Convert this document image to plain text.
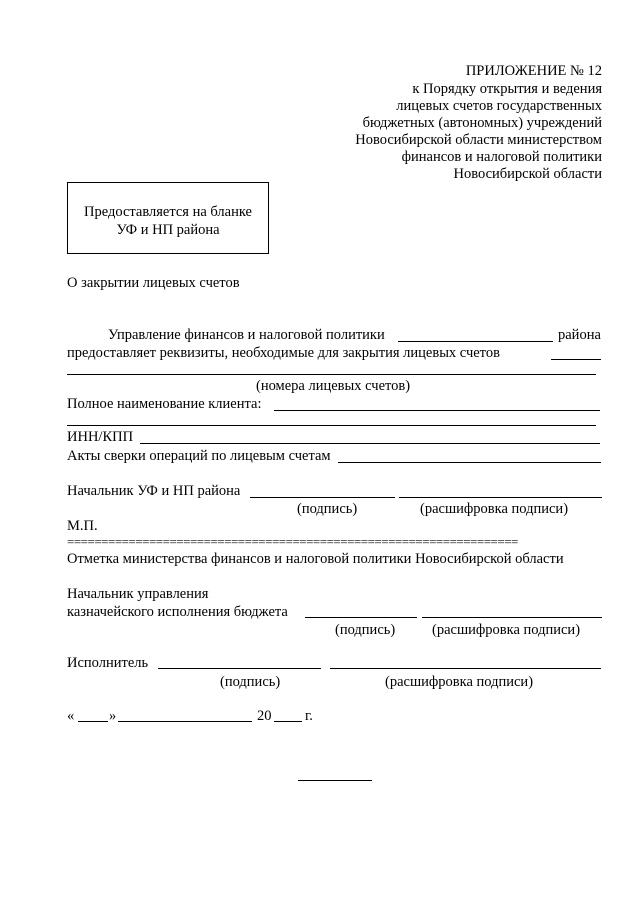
ПРИЛОЖЕНИЕ № 12
к Порядку открытия и ведения
лицевых счетов государственных
бюджетных (автономных) учреждений
Новосибирской области министерством
финансов и налоговой политики
Новосибирской области
Предоставляется на бланке
УФ и НП района
О закрытии лицевых счетов
Управление финансов и налоговой политики	района
предоставляет реквизиты, необходимые для закрытия лицевых счетов
(номера лицевых счетов)
Полное наименование клиента:
ИНН/КПП
Акты сверки операций по лицевым счетам
Начальник УФ и НП района
(подпись)	(расшифровка подписи)
М.П.
==================================================================
Отметка министерства финансов и налоговой политики Новосибирской области
Начальник управления
казначейского исполнения бюджета
(подпись)	(расшифровка подписи)
Исполнитель
(подпись)	(расшифровка подписи)
« »	20 г.
